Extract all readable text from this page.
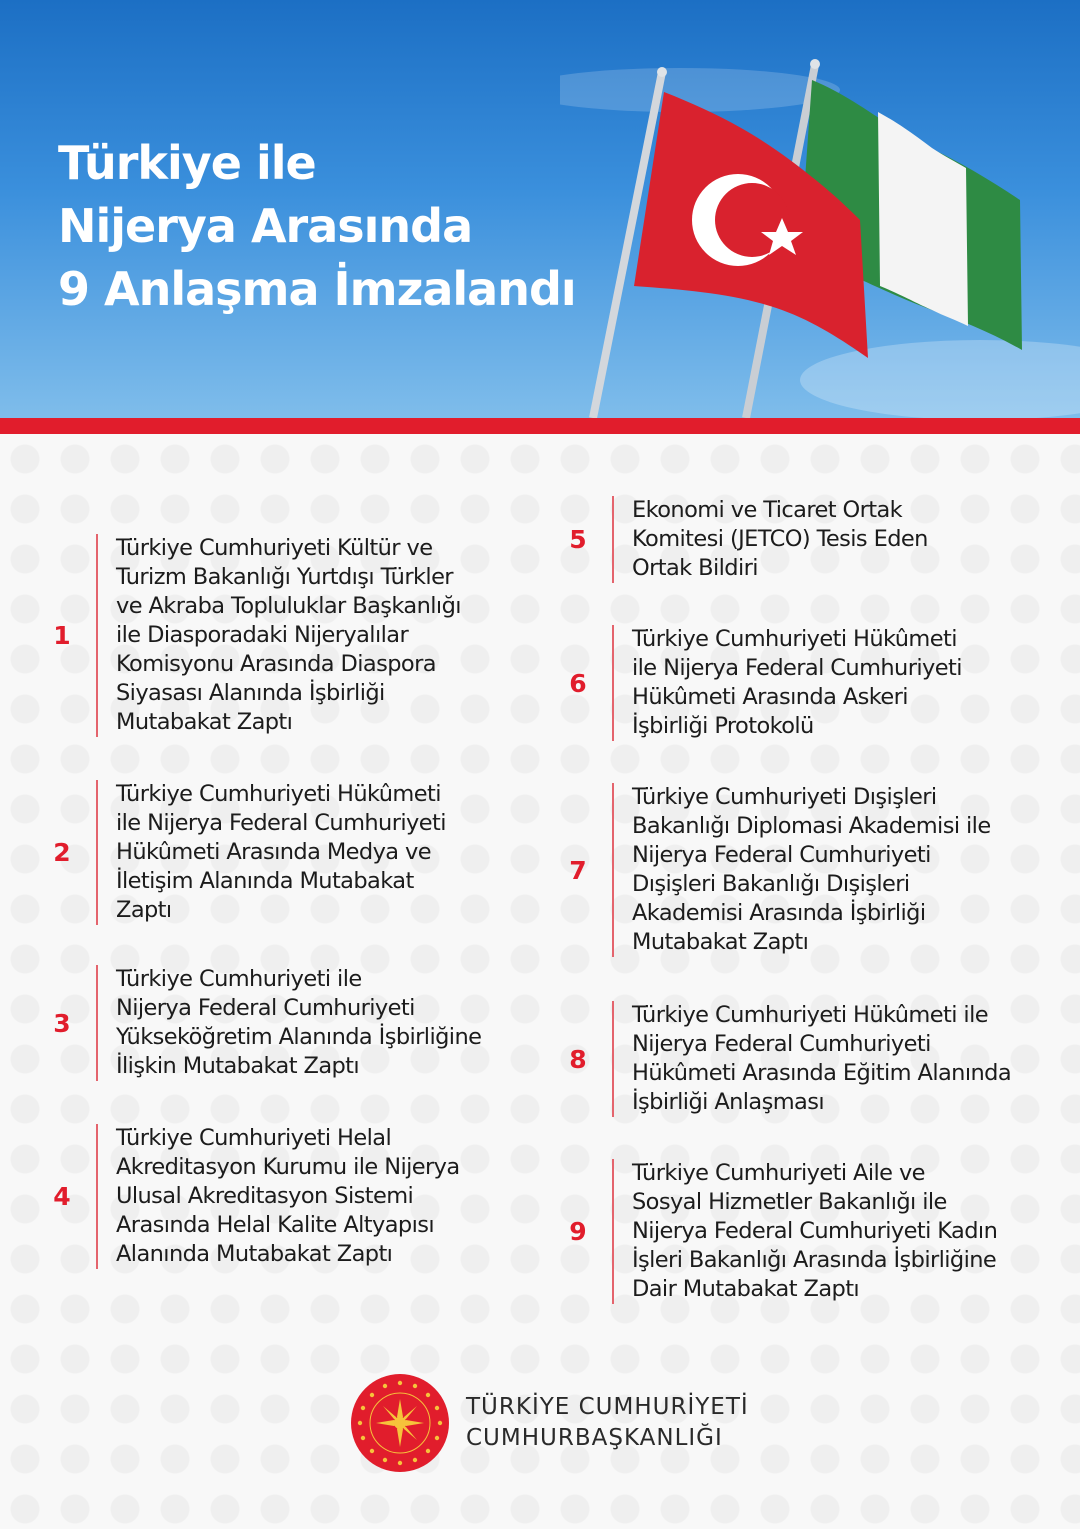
Türkiye ile
Nijerya Arasında
9 Anlaşma İmzalandı
1
Türkiye Cumhuriyeti Kültür ve
Turizm Bakanlığı Yurtdışı Türkler
ve Akraba Topluluklar Başkanlığı
ile Diasporadaki Nijeryalılar
Komisyonu Arasında Diaspora
Siyasası Alanında İşbirliği
Mutabakat Zaptı
2
Türkiye Cumhuriyeti Hükûmeti
ile Nijerya Federal Cumhuriyeti
Hükûmeti Arasında Medya ve
İletişim Alanında Mutabakat
Zaptı
3
Türkiye Cumhuriyeti ile
Nijerya Federal Cumhuriyeti
Yükseköğretim Alanında İşbirliğine
İlişkin Mutabakat Zaptı
4
Türkiye Cumhuriyeti Helal
Akreditasyon Kurumu ile Nijerya
Ulusal Akreditasyon Sistemi
Arasında Helal Kalite Altyapısı
Alanında Mutabakat Zaptı
5
Ekonomi ve Ticaret Ortak
Komitesi (JETCO) Tesis Eden
Ortak Bildiri
6
Türkiye Cumhuriyeti Hükûmeti
ile Nijerya Federal Cumhuriyeti
Hükûmeti Arasında Askeri
İşbirliği Protokolü
7
Türkiye Cumhuriyeti Dışişleri
Bakanlığı Diplomasi Akademisi ile
Nijerya Federal Cumhuriyeti
Dışişleri Bakanlığı Dışişleri
Akademisi Arasında İşbirliği
Mutabakat Zaptı
8
Türkiye Cumhuriyeti Hükûmeti ile
Nijerya Federal Cumhuriyeti
Hükûmeti Arasında Eğitim Alanında
İşbirliği Anlaşması
9
Türkiye Cumhuriyeti Aile ve
Sosyal Hizmetler Bakanlığı ile
Nijerya Federal Cumhuriyeti Kadın
İşleri Bakanlığı Arasında İşbirliğine
Dair Mutabakat Zaptı
TÜRKİYE CUMHURİYETİ
CUMHURBAŞKANLIĞI
